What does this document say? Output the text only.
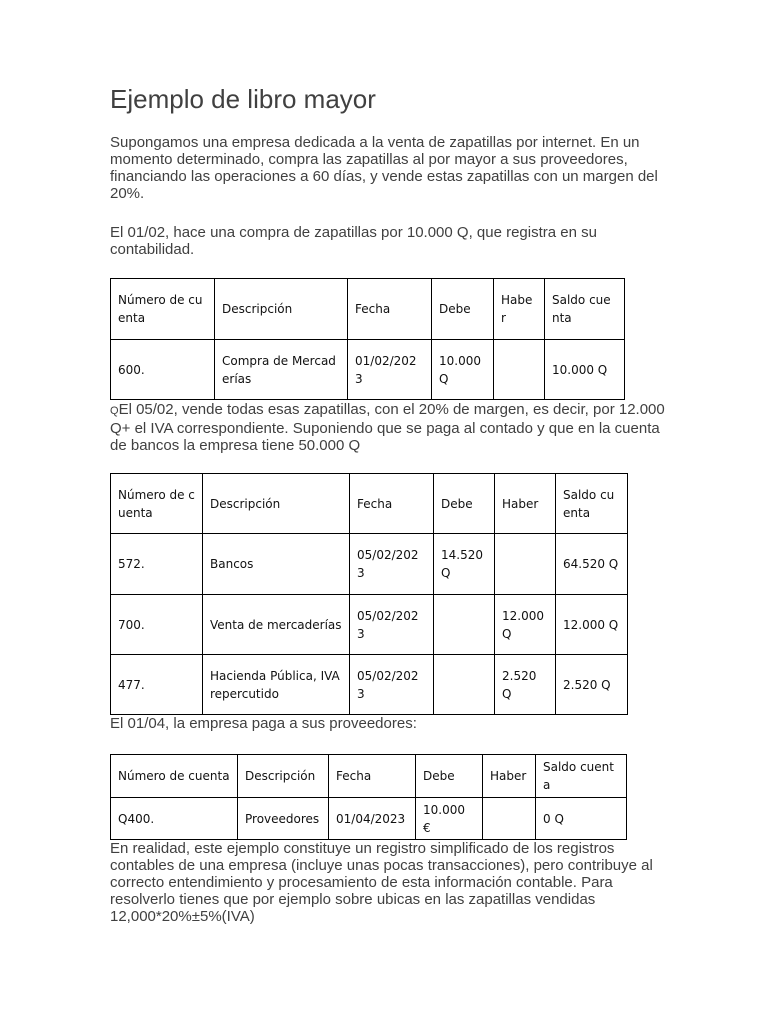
Ejemplo de libro mayor

Supongamos una empresa dedicada a la venta de zapatillas por internet. En un momento determinado, compra las zapatillas al por mayor a sus proveedores, financiando las operaciones a 60 días, y vende estas zapatillas con un margen del 20%.

El 01/02, hace una compra de zapatillas por 10.000 Q, que registra en su contabilidad.

Número de cuenta	Descripción	Fecha	Debe	Haber	Saldo cuenta
600.	Compra de Mercaderías	01/02/2023	10.000 Q		10.000 Q

QEl 05/02, vende todas esas zapatillas, con el 20% de margen, es decir, por 12.000 Q+ el IVA correspondiente. Suponiendo que se paga al contado y que en la cuenta de bancos la empresa tiene 50.000 Q

Número de cuenta	Descripción	Fecha	Debe	Haber	Saldo cuenta
572.	Bancos	05/02/2023	14.520 Q		64.520 Q
700.	Venta de mercaderías	05/02/2023		12.000 Q	12.000 Q
477.	Hacienda Pública, IVA repercutido	05/02/2023		2.520 Q	2.520 Q

El 01/04, la empresa paga a sus proveedores:

Número de cuenta	Descripción	Fecha	Debe	Haber	Saldo cuenta
Q400.	Proveedores	01/04/2023	10.000 €		0 Q

En realidad, este ejemplo constituye un registro simplificado de los registros contables de una empresa (incluye unas pocas transacciones), pero contribuye al correcto entendimiento y procesamiento de esta información contable. Para resolverlo tienes que por ejemplo sobre ubicas en las zapatillas vendidas 12,000*20%±5%(IVA)
